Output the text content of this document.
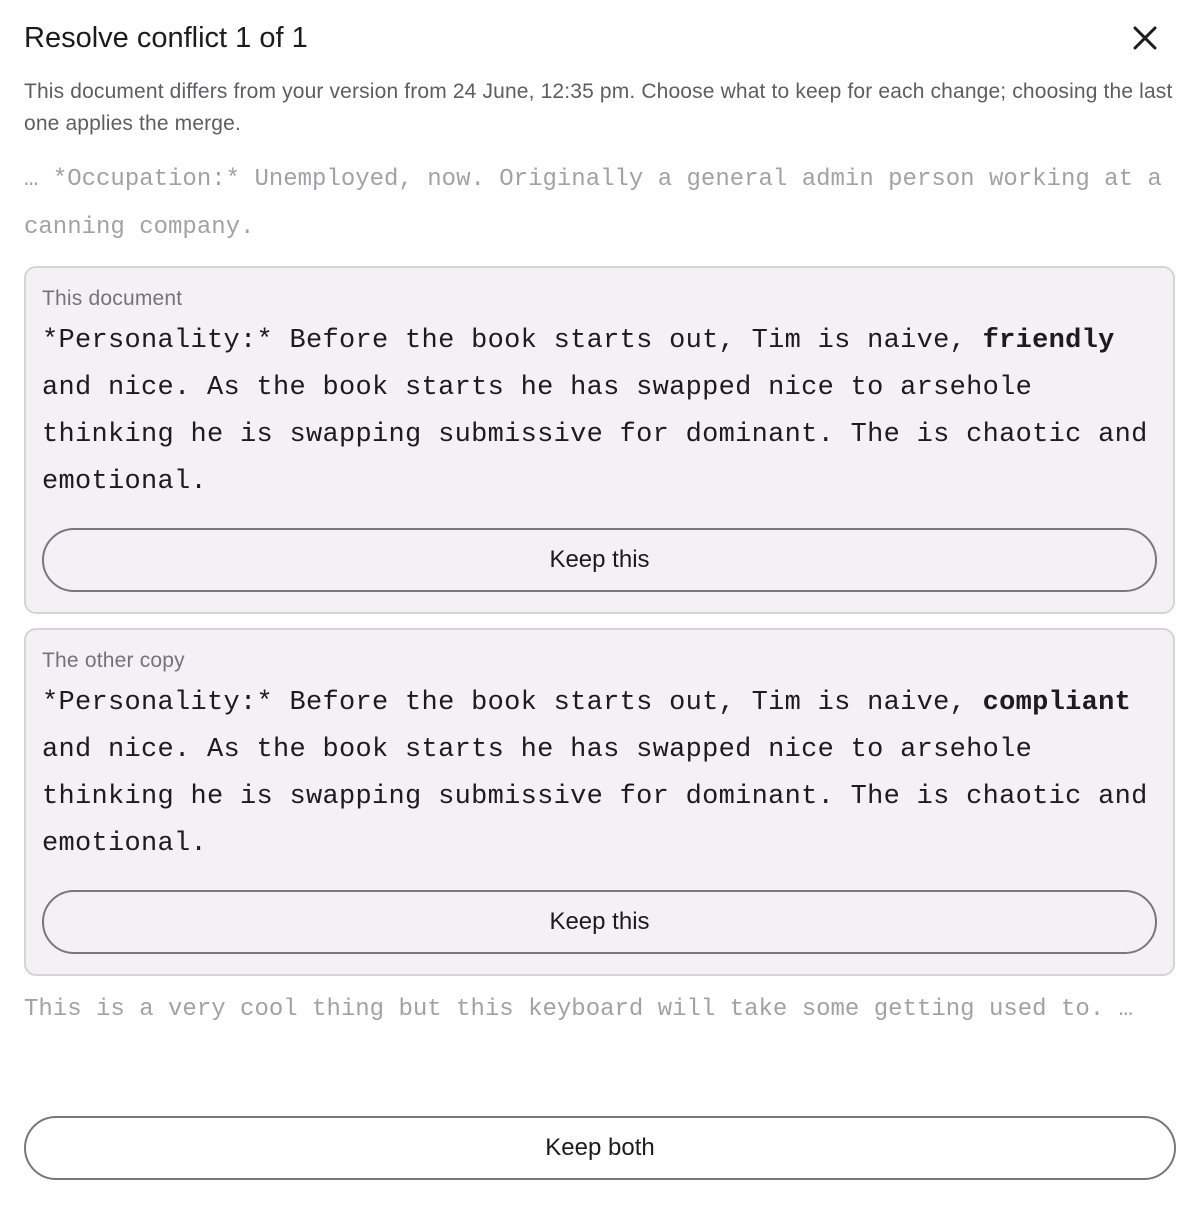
Resolve conflict 1 of 1

This document differs from your version from 24 June, 12:35 pm. Choose what to keep for each change; choosing the last one applies the merge.

… *Occupation:* Unemployed, now. Originally a general admin person working at a canning company.

This document

*Personality:* Before the book starts out, Tim is naive, friendly and nice. As the book starts he has swapped nice to arsehole thinking he is swapping submissive for dominant. The is chaotic and emotional.

Keep this
The other copy

*Personality:* Before the book starts out, Tim is naive, compliant and nice. As the book starts he has swapped nice to arsehole thinking he is swapping submissive for dominant. The is chaotic and emotional.

Keep this

This is a very cool thing but this keyboard will take some getting used to. …

Keep both
